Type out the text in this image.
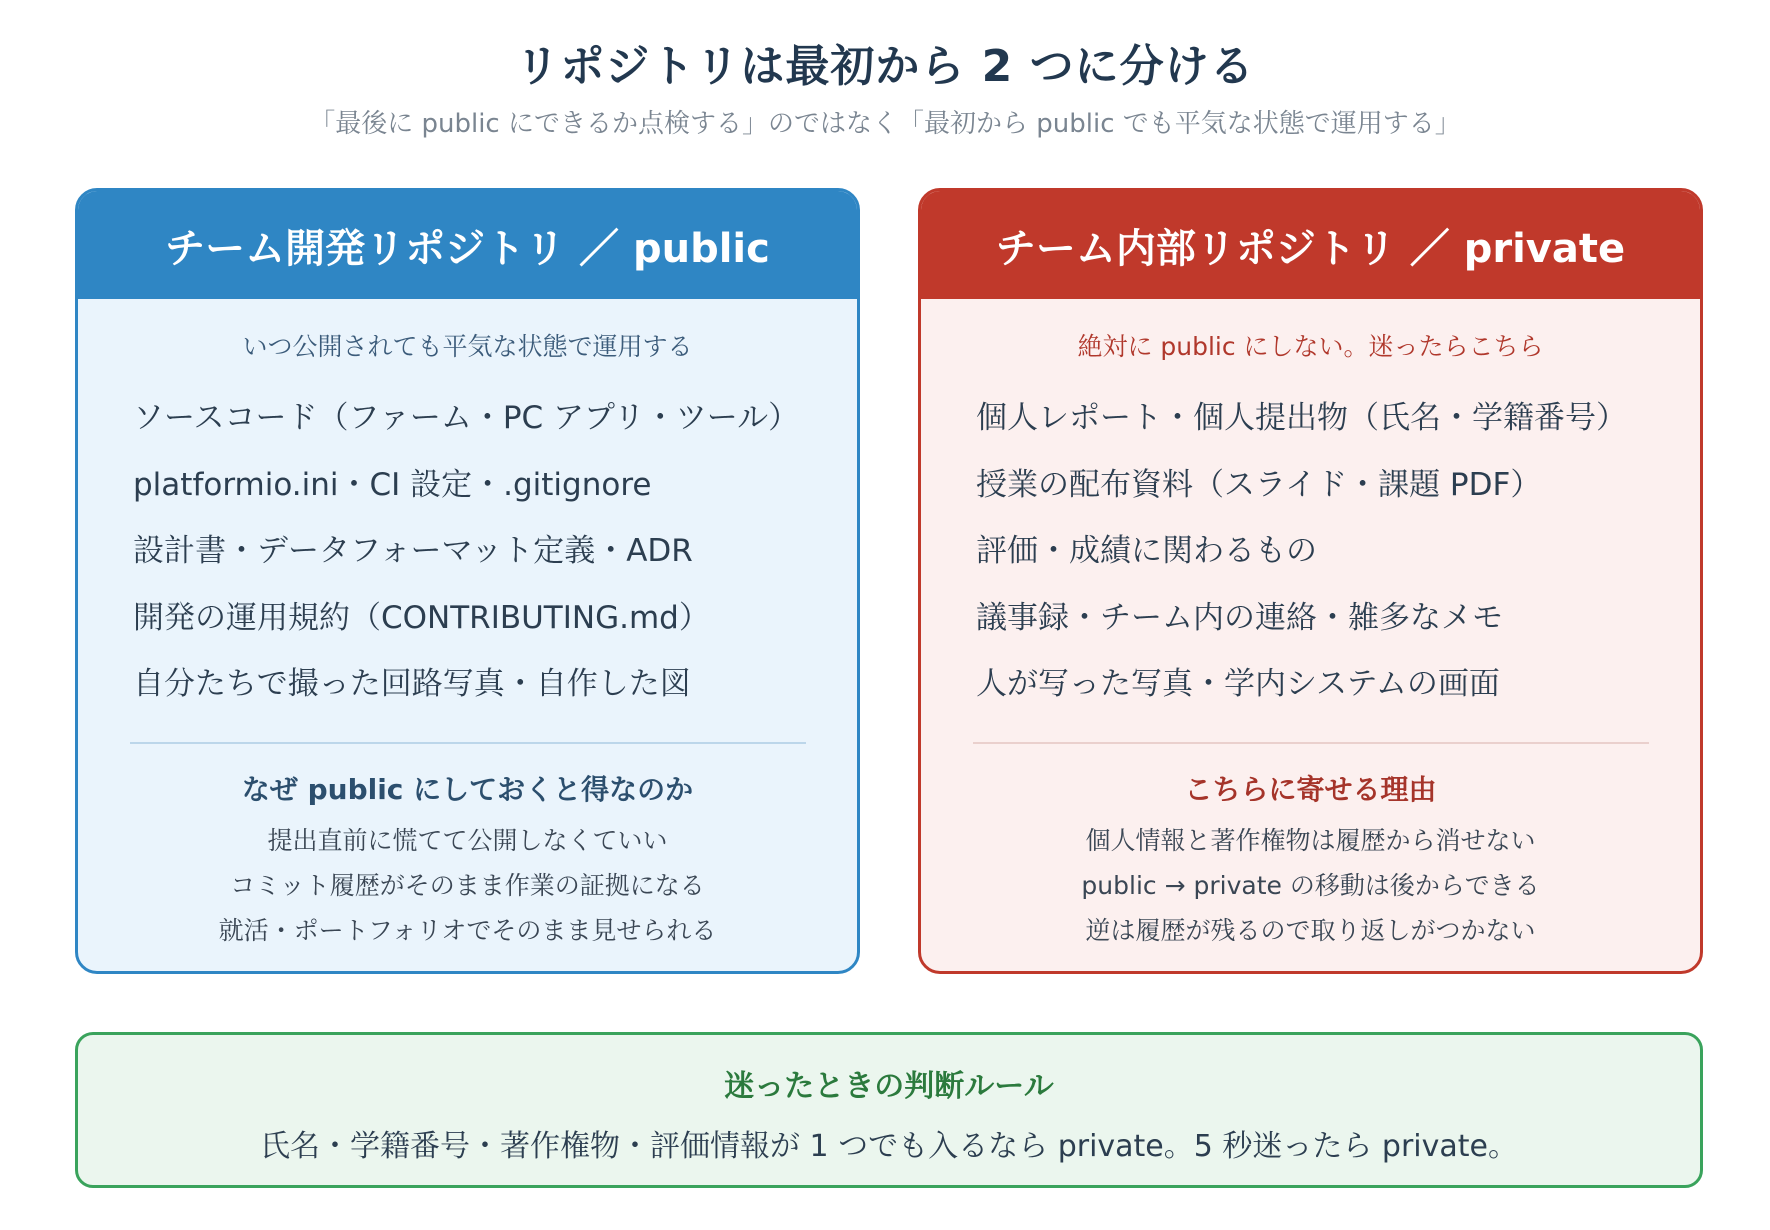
リポジトリは最初から 2 つに分ける
「最後に public にできるか点検する」のではなく「最初から public でも平気な状態で運用する」
チーム開発リポジトリ ／ public
いつ公開されても平気な状態で運用する
ソースコード（ファーム・PC アプリ・ツール）
platformio.ini・CI 設定・.gitignore
設計書・データフォーマット定義・ADR
開発の運用規約（CONTRIBUTING.md）
自分たちで撮った回路写真・自作した図
なぜ public にしておくと得なのか
提出直前に慌てて公開しなくていい
コミット履歴がそのまま作業の証拠になる
就活・ポートフォリオでそのまま見せられる
チーム内部リポジトリ ／ private
絶対に public にしない。迷ったらこちら
個人レポート・個人提出物（氏名・学籍番号）
授業の配布資料（スライド・課題 PDF）
評価・成績に関わるもの
議事録・チーム内の連絡・雑多なメモ
人が写った写真・学内システムの画面
こちらに寄せる理由
個人情報と著作権物は履歴から消せない
public → private の移動は後からできる
逆は履歴が残るので取り返しがつかない
迷ったときの判断ルール
氏名・学籍番号・著作権物・評価情報が 1 つでも入るなら private。5 秒迷ったら private。
